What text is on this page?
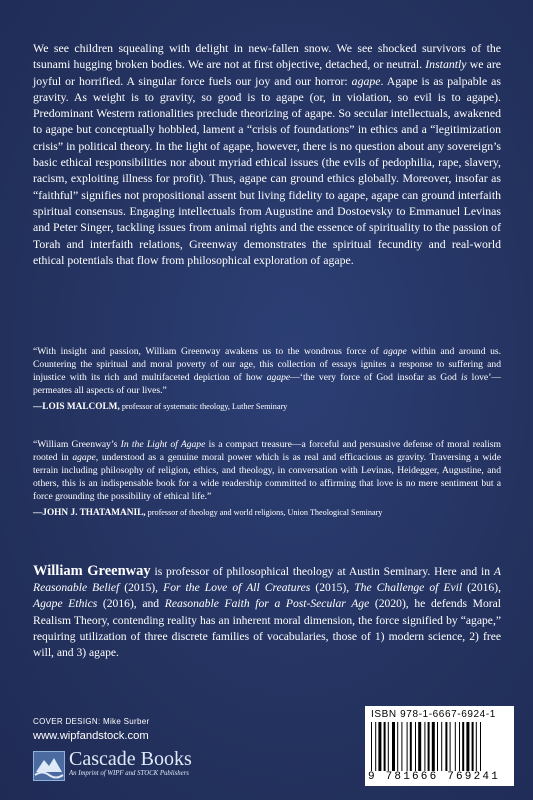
We see children squealing with delight in new-fallen snow. We see shocked survivors of the tsunami hugging broken bodies. We are not at first objective, detached, or neutral. Instantly we are joyful or horrified. A singular force fuels our joy and our horror: agape. Agape is as palpable as gravity. As weight is to gravity, so good is to agape (or, in violation, so evil is to agape). Predominant Western rationalities preclude theorizing of agape. So secular intellectuals, awakened to agape but conceptually hobbled, lament a “crisis of foundations” in ethics and a “legitimization crisis” in political theory. In the light of agape, however, there is no question about any sovereign’s basic ethical responsibilities nor about myriad ethical issues (the evils of pedophilia, rape, slavery, racism, exploiting illness for profit). Thus, agape can ground ethics globally. Moreover, insofar as “faithful” signifies not propositional assent but living fidelity to agape, agape can ground interfaith spiritual consensus. Engaging intellectuals from Augustine and Dostoevsky to Emmanuel Levinas and Peter Singer, tackling issues from animal rights and the essence of spirituality to the passion of Torah and interfaith relations, Greenway demonstrates the spiritual fecundity and real-world ethical potentials that flow from philosophical exploration of agape.

“With insight and passion, William Greenway awakens us to the wondrous force of agape within and around us. Countering the spiritual and moral poverty of our age, this collection of essays ignites a response to suffering and injustice with its rich and multifaceted depiction of how agape—‘the very force of God insofar as God is love’—permeates all aspects of our lives.”
—LOIS MALCOLM, professor of systematic theology, Luther Seminary

“William Greenway’s In the Light of Agape is a compact treasure—a forceful and persuasive defense of moral realism rooted in agape, understood as a genuine moral power which is as real and efficacious as gravity. Traversing a wide terrain including philosophy of religion, ethics, and theology, in conversation with Levinas, Heidegger, Augustine, and others, this is an indispensable book for a wide readership committed to affirming that love is no mere sentiment but a force grounding the possibility of ethical life.”
—JOHN J. THATAMANIL, professor of theology and world religions, Union Theological Seminary

William Greenway is professor of philosophical theology at Austin Seminary. Here and in A Reasonable Belief (2015), For the Love of All Creatures (2015), The Challenge of Evil (2016), Agape Ethics (2016), and Reasonable Faith for a Post-Secular Age (2020), he defends Moral Realism Theory, contending reality has an inherent moral dimension, the force signified by “agape,” requiring utilization of three discrete families of vocabularies, those of 1) modern science, 2) free will, and 3) agape.

COVER DESIGN: Mike Surber
www.wipfandstock.com
Cascade Books
An Imprint of WIPF and STOCK Publishers
ISBN 978-1-6667-6924-1
9 781666 769241
